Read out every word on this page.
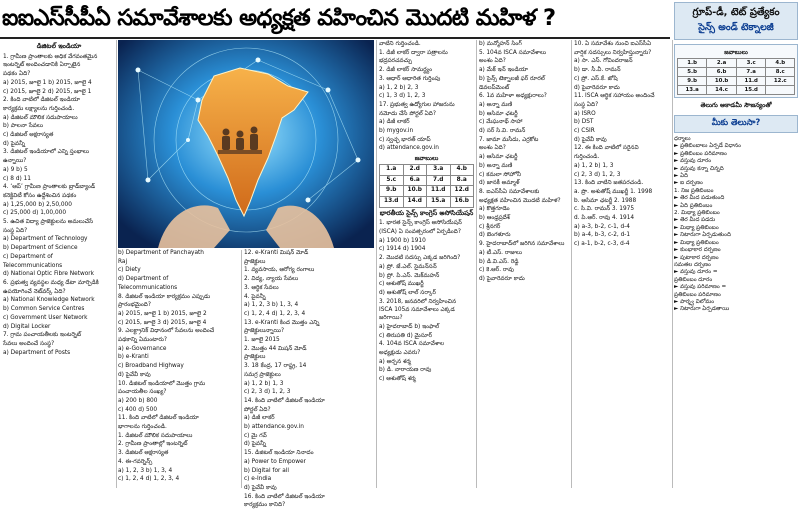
ఐఐఎస్‌సీపీఏ సమావేశాలకు అధ్యక్షత వహించిన మొదటి మహిళ ?	గ్రూప్‌-డీ, టెట్‌ ప్రత్యేకం
సైన్స్‌ అండ్‌ టెక్నాలజీ
డిజిటల్‌ ఇండియా
1. గ్రామీణ ప్రాంతాలకు అధిక వేగవంతమైన
ఇంటర్నెట్‌ అందించడానికి ఏర్పాటైన
పథకం ఏది?
a) 2015, జూలై 1 b) 2015, జూలై 4
c) 2015, జూలై 2 d) 2015, జూలై 1
2. కింది వాటిలో డిజిటల్‌ ఇండియా
కార్యక్రమ లక్ష్యాలను గుర్తించండి.
a) డిజిటల్‌ మౌలిక సదుపాయాలు
b) పాలనా సేవలు
c) డిజిటల్‌ అక్షరాస్యత
d) పైవన్నీ
3. డిజిటల్‌ ఇండియాలో ఎన్ని స్తంభాలు
ఉన్నాయి?
a) 9 b) 5
c) 8 d) 11
4. ‘ఆప్‌’ గ్రామీణ ప్రాంతాలకు బ్రాడ్‌బ్యాండ్‌
కనెక్టివిటీ కోసం ఉద్దేశించిన పథకం
a) 1,25,000 b) 2,50,000
c) 25,000 d) 1,00,000
5. ఉచిత విద్యా ప్రాజెక్టులను అమలుచేసే
సంస్థ ఏది?
a) Department of Technology
b) Department of Science
c) Department of
Telecommunications
d) National Optic Fibre Network
6. ప్రభుత్వ వ్యవస్థల మధ్య డేటా మార్పిడికి
ఉపయోగించే నెట్‌వర్క్‌ ఏది?
a) National Knowledge Network
b) Common Service Centres
c) Government User Network
d) Digital Locker
7. గ్రామ పంచాయతీలకు ఇంటర్నెట్‌
సేవలు అందించే సంస్థ?
a) Department of Posts
b) Department of Panchayath
Raj
c) Diety
d) Department of
Telecommunications
8. డిజిటల్‌ ఇండియా కార్యక్రమం ఎప్పుడు
ప్రారంభమైంది?
a) 2015, జూలై 1 b) 2015, జూలై 2
c) 2015, జూలై 3 d) 2015, జూలై 4
9. ఎలక్ట్రానిక్‌ విధానంలో సేవలను అందించే
పథకాన్ని ఏమంటారు?
a) e-Governance
b) e-Kranti
c) Broadband Highway
d) పైవేవీ కావు
10. డిజిటల్‌ ఇండియాలో మొత్తం గ్రామ
పంచాయతీల సంఖ్య?
a) 200 b) 800
c) 400 d) 500
11. కింది వాటిలో డిజిటల్‌ ఇండియా
భాగాలను గుర్తించండి.
1. డిజిటల్‌ మౌలిక సదుపాయాలు
2. గ్రామీణ ప్రాంతాల్లో ఇంటర్నెట్‌
3. డిజిటల్‌ అక్షరాస్యత
4. ఈ-గవర్నెన్స్‌
a) 1, 2, 3 b) 1, 3, 4
c) 1, 2, 4 d) 1, 2, 3, 4
12. e-Kranti మిషన్‌ మోడ్‌
ప్రాజెక్టులు
1. వ్యవసాయ, ఆరోగ్య రంగాలు
2. విద్య, న్యాయ సేవలు
3. ఆర్థిక సేవలు
4. పైవన్నీ
a) 1, 2, 3 b) 1, 3, 4
c) 1, 2, 4 d) 1, 2, 3, 4
13. e-Kranti కింద మొత్తం ఎన్ని
ప్రాజెక్టులున్నాయి?
1. జూలై 2015
2. మొత్తం 44 మిషన్‌ మోడ్‌
ప్రాజెక్టులు
3. 18 కేంద్ర, 17 రాష్ట్ర, 14
సమగ్ర ప్రాజెక్టులు
a) 1, 2 b) 1, 3
c) 2, 3 d) 1, 2, 3
14. కింది వాటిలో డిజిటల్‌ ఇండియా
పోర్టల్‌ ఏది?
a) డిజీ లాకర్‌
b) attendance.gov.in
c) మై గవ్‌
d) పైవన్నీ
15. డిజిటల్‌ ఇండియా నినాదం
a) Power to Empower
b) Digital for all
c) e-India
d) పైవేవీ కావు
16. కింది వాటిలో డిజిటల్‌ ఇండియా
కార్యక్రమం కానిది?
వాటిని గుర్తించండి.
1. డిజీ లాకర్‌ ద్వారా పత్రాలను
భద్రపరచవచ్చు
2. డిజీ లాకర్‌ సామర్థ్యం
3. ఆధార్‌ ఆధారిత గుర్తింపు
a) 1, 2 b) 2, 3
c) 1, 3 d) 1, 2, 3
17. ప్రభుత్వ ఉద్యోగుల హాజరును
నమోదు చేసే పోర్టల్‌ ఏది?
a) డిజీ లాకర్‌
b) mygov.in
c) స్వచ్ఛ భారత్‌ యాప్‌
d) attendance.gov.in
జవాబులు
1.a	2.d	3.a	4.b
5.c	6.a	7.d	8.a
9.b	10.b	11.d	12.d
13.d	14.d	15.a	16.b
భారతీయ సైన్స్‌ కాంగ్రెస్‌ అసోసియేషన్‌
1. భారత సైన్స్‌ కాంగ్రెస్‌ అసోసియేషన్‌
(ISCA) ఏ సంవత్సరంలో ఏర్పడింది?
a) 1900 b) 1910
c) 1914 d) 1904
2. మొదటి సదస్సు ఎక్కడ జరిగింది?
a) ప్రో. జే.ఎల్‌. సైమన్‌సన్‌
b) ప్రో. పి.ఎస్‌. మెక్‌మహన్‌
c) ఆశుతోష్‌ ముఖర్జీ
d) ఆశుతోష్‌ లాల్‌ సర్కార్‌
3. 2018, జనవరిలో నిర్వహించిన
ISCA 105వ సమావేశాలు ఎక్కడ జరిగాయి?
a) హైదరాబాద్‌ b) ఇంఫాల్‌
c) తిరుపతి d) మైసూర్‌
4. 104వ ISCA సమావేశాల
అధ్యక్షుడు ఎవరు?
a) అర్చన శర్మ
b) డి. నారాయణ రావు
c) ఆశుతోష్‌ శర్మ
b) మన్మోహన్‌ సింగ్‌
5. 104వ ISCA సమావేశాలు
అంశం ఏది?
a) మేక్‌ ఇన్‌ ఇండియా
b) సైన్స్‌ టెక్నాలజీ ఫర్‌ రూరల్‌
డెవలప్‌మెంట్‌
6. 1వ మహిళా అధ్యక్షురాలు?
a) అన్నా మణి
b) ఆసిమా ఛటర్జీ
c) మేఘనాథ్‌ సాహా
d) సర్‌ సి.వి. రామన్‌
7. జామా మసీదు, ఎర్రకోట
అంశం ఏది?
a) ఆసిమా ఛటర్జీ
b) అన్నా మణి
c) కమలా సోహోనీ
d) జానకీ అమ్మాళ్‌
8. ఐఎస్‌సీఏ సమావేశాలకు
అధ్యక్షత వహించిన మొదటి మహిళ?
a) కొత్తగూడెం
b) ఆంధ్రప్రదేశ్‌
c) శ్రీనగర్‌
d) బెంగళూరు
9. హైదరాబాద్‌లో జరిగిన సమావేశాలు
a) టీ.ఎస్‌. రాజులు
b) డి.వి.ఎస్‌. రెడ్డి
c) కె.ఆర్‌. రావు
d) పైవారెవరూ కాదు
10. ఏ సమావేశం నుంచి ఐఎస్‌సీఏ
వార్షిక సదస్సులు నిర్వహిస్తున్నారు?
a) సా. ఎస్‌. గోవిందరాజన్‌
b) డా. సీ.వీ. రామన్‌
c) ప్రో. ఎస్‌.కే. జోషి
d) పైవారెవరూ కాదు
11. ISCA ఆర్థిక సహాయం అందించే
సంస్థ ఏది?
a) ISRO
b) DST
c) CSIR
d) పైవేవీ కావు
12. ఈ కింది వాటిలో సరైనవి
గుర్తించండి.
a) 1, 2 b) 1, 3
c) 2, 3 d) 1, 2, 3
13. కింది వాటిని జతపరచండి.
a. ప్రొ. అశుతోష్‌ ముఖర్జీ 1. 1998
b. ఆసిమా ఛటర్జీ 2. 1988
c. సి.వి. రామన్‌ 3. 1975
d. పి.ఆర్‌. రావు 4. 1914
a) a-3, b-2, c-1, d-4
b) a-4, b-3, c-2, d-1
c) a-1, b-2, c-3, d-4
జవాబులు
1.b	2.a	3.c	4.b
5.b	6.b	7.a	8.c
9.b	10.b	11.d	12.c
13.a	14.c	15.d	
తెలుగు అకాడమీ సౌజన్యంతో
మీకు తెలుసా?
ధర్మాలు
► ప్రతిబింబాలు ఏర్పడే విధానం
► ప్రతిబింబం పరిమాణం
► వస్తువు దూరం
► వస్తువు కన్నా చిన్నది
► ఏది
► ఐ దర్పణం
1. నిజ ప్రతిబింబం
► తెర మీద పడుతుంది
► ఏది ప్రతిబింబం
2. మిథ్యా ప్రతిబింబం
► తెర మీద పడదు
► మిథ్యా ప్రతిబింబం
► నిటారుగా ఏర్పడుతుంది
► మిథ్యా ప్రతిబింబం
► కుంభాకార దర్పణం
► పుటాకార దర్పణం
సమతల దర్పణం
► వస్తువు దూరం =
ప్రతిబింబం దూరం
► వస్తువు పరిమాణం =
ప్రతిబింబం పరిమాణం
► పార్శ్వ విలోమం
► నిటారుగా ఏర్పడతాయి
